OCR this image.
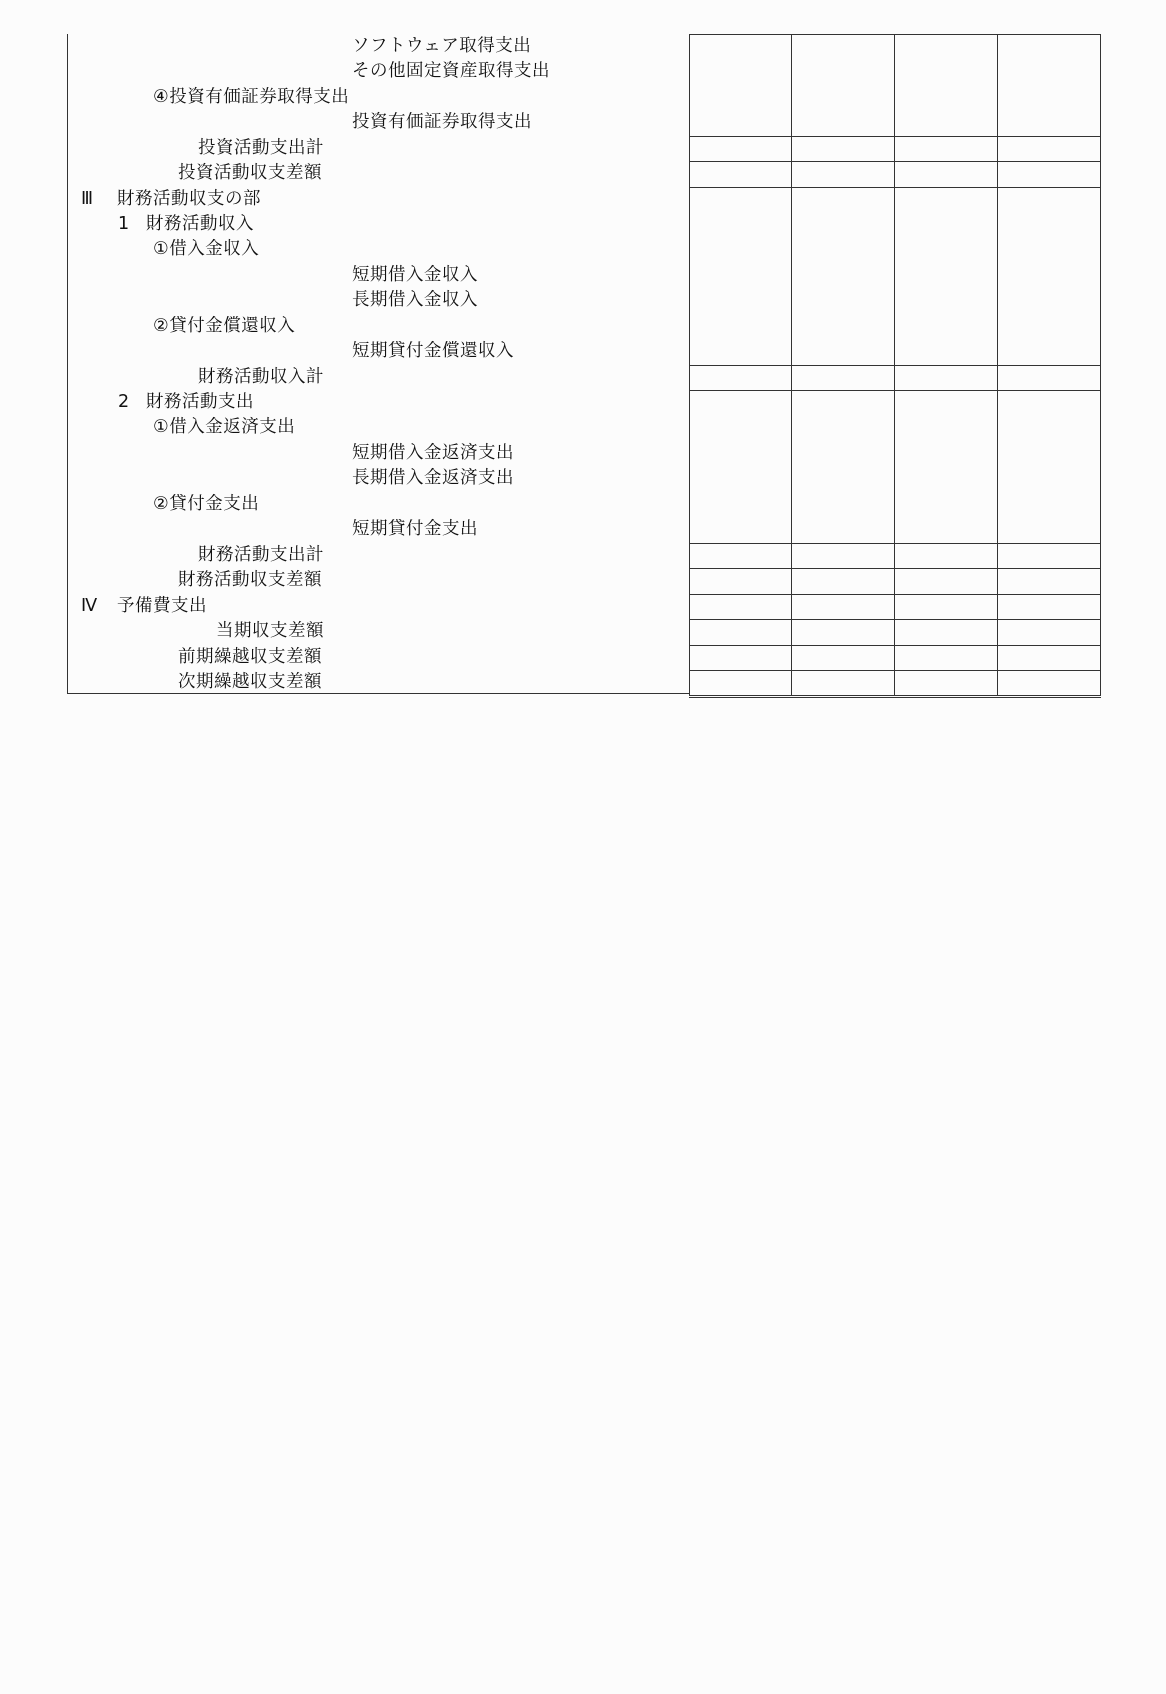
ソフトウェア取得支出
その他固定資産取得支出
④投資有価証券取得支出
投資有価証券取得支出
投資活動支出計
投資活動収支差額
Ⅲ 財務活動収支の部
1 財務活動収入
①借入金収入
短期借入金収入
長期借入金収入
②貸付金償還収入
短期貸付金償還収入
財務活動収入計
2 財務活動支出
①借入金返済支出
短期借入金返済支出
長期借入金返済支出
②貸付金支出
短期貸付金支出
財務活動支出計
財務活動収支差額
Ⅳ 予備費支出
当期収支差額
前期繰越収支差額
次期繰越収支差額
